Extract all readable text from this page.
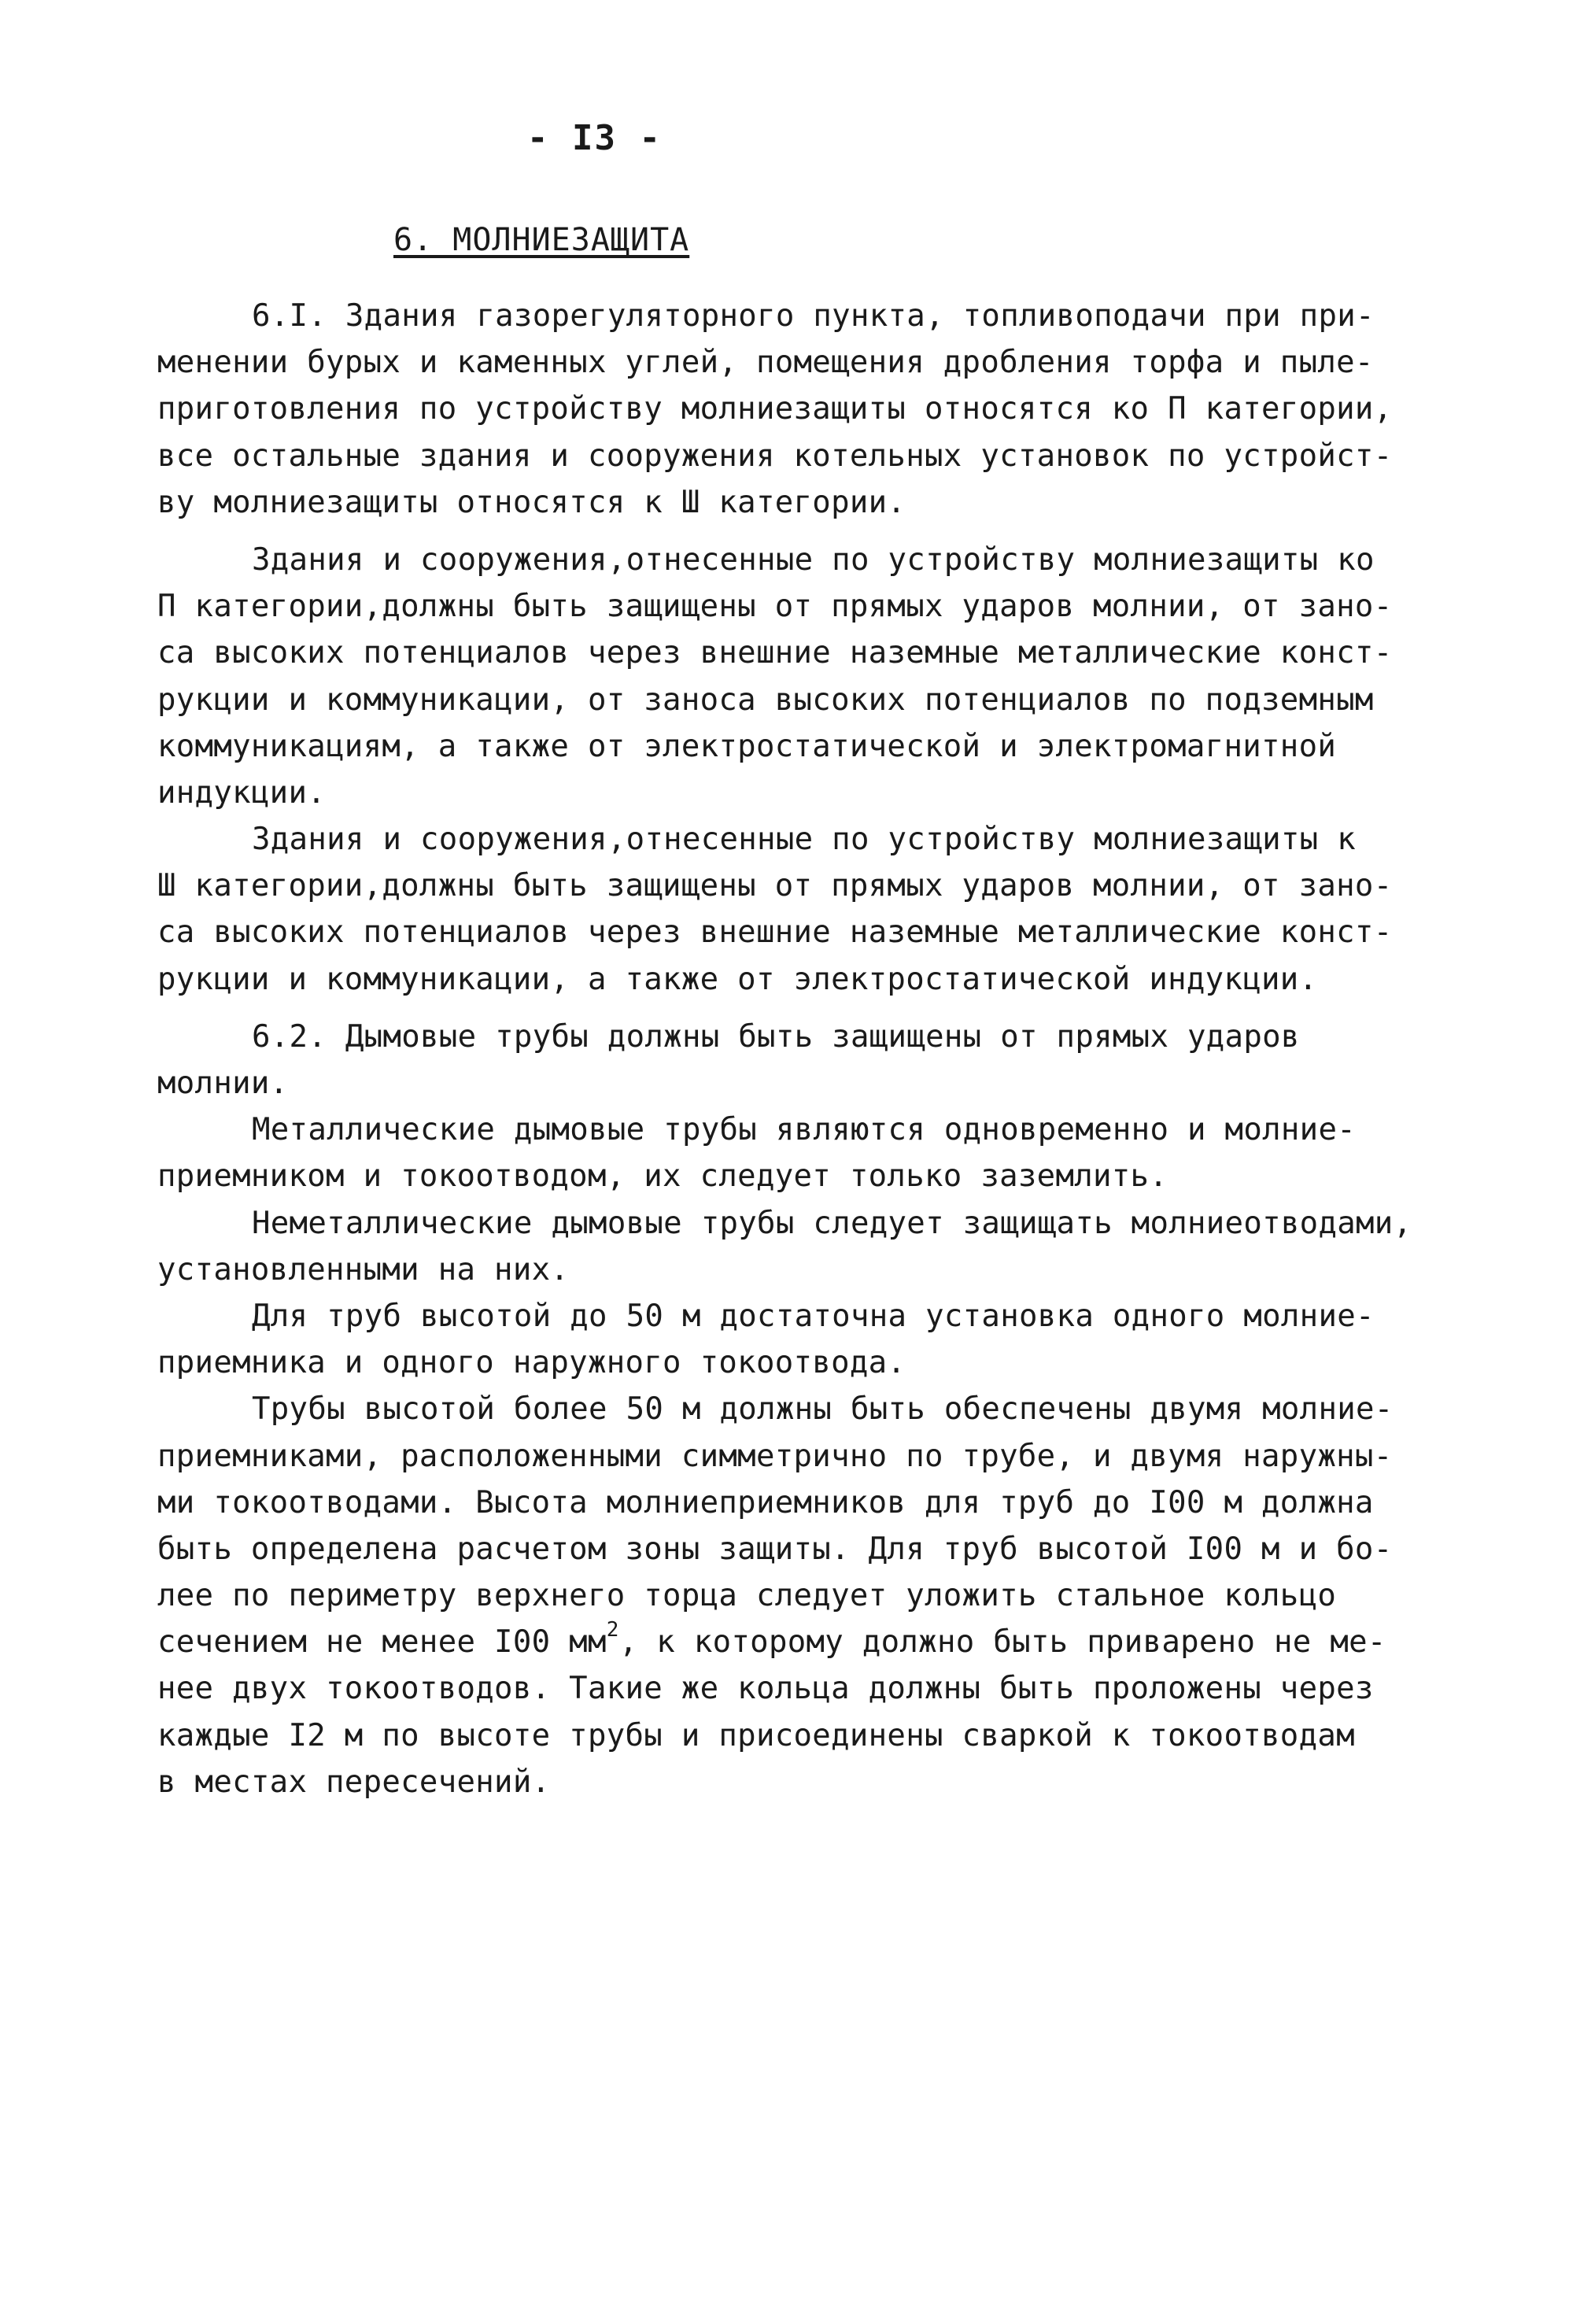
- I3 -
6. МОЛНИЕЗАЩИТА
6.I. Здания газорегуляторного пункта, топливоподачи при при-
менении бурых и каменных углей, помещения дробления торфа и пыле-
приготовления по устройству молниезащиты относятся ко П категории,
все остальные здания и сооружения котельных установок по устройст-
ву молниезащиты относятся к Ш категории.
Здания и сооружения,отнесенные по устройству молниезащиты ко
П категории,должны быть защищены от прямых ударов молнии, от зано-
са высоких потенциалов через внешние наземные металлические конст-
рукции и коммуникации, от заноса высоких потенциалов по подземным
коммуникациям, а также от электростатической и электромагнитной
индукции.
Здания и сооружения,отнесенные по устройству молниезащиты к
Ш категории,должны быть защищены от прямых ударов молнии, от зано-
са высоких потенциалов через внешние наземные металлические конст-
рукции и коммуникации, а также от электростатической индукции.
6.2. Дымовые трубы должны быть защищены от прямых ударов
молнии.
Металлические дымовые трубы являются одновременно и молние-
приемником и токоотводом, их следует только заземлить.
Неметаллические дымовые трубы следует защищать молниеотводами,
установленными на них.
Для труб высотой до 50 м достаточна установка одного молние-
приемника и одного наружного токоотвода.
Трубы высотой более 50 м должны быть обеспечены двумя молние-
приемниками, расположенными симметрично по трубе, и двумя наружны-
ми токоотводами. Высота молниеприемников для труб до I00 м должна
быть определена расчетом зоны защиты. Для труб высотой I00 м и бо-
лее по периметру верхнего торца следует уложить стальное кольцо
сечением не менее I00 $мм^2$, к которому должно быть приварено не ме-
нее двух токоотводов. Такие же кольца должны быть проложены через
каждые I2 м по высоте трубы и присоединены сваркой к токоотводам
в местах пересечений.
